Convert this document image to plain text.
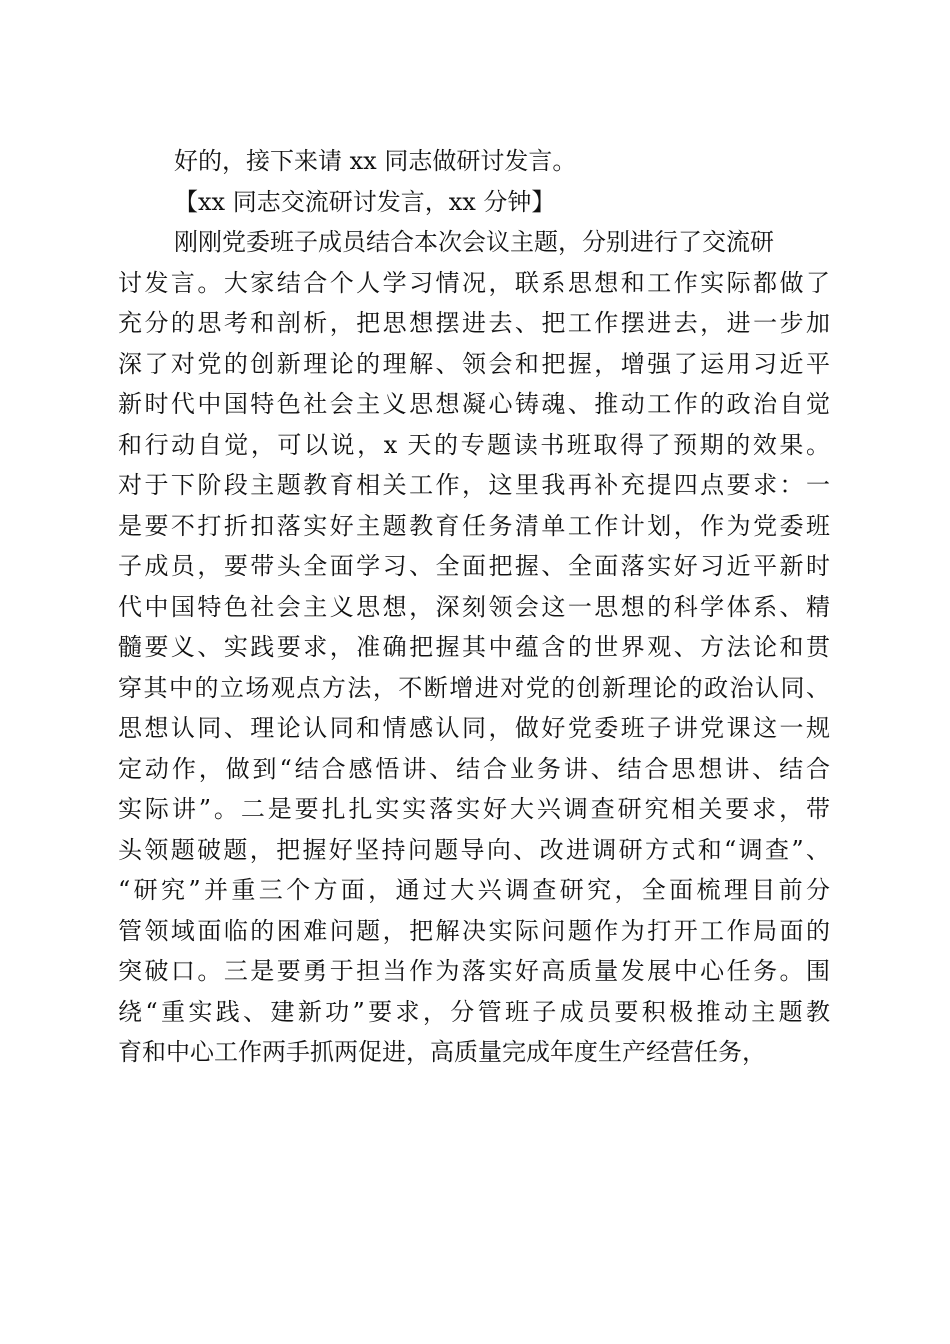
好的，接下来请 xx 同志做研讨发言。
【xx 同志交流研讨发言，xx 分钟】
刚刚党委班子成员结合本次会议主题，分别进行了交流研
讨发言。大家结合个人学习情况，联系思想和工作实际都做了
充分的思考和剖析，把思想摆进去、把工作摆进去，进一步加
深了对党的创新理论的理解、领会和把握，增强了运用习近平
新时代中国特色社会主义思想凝心铸魂、推动工作的政治自觉
和行动自觉，可以说，x 天的专题读书班取得了预期的效果。
对于下阶段主题教育相关工作，这里我再补充提四点要求：一
是要不打折扣落实好主题教育任务清单工作计划，作为党委班
子成员，要带头全面学习、全面把握、全面落实好习近平新时
代中国特色社会主义思想，深刻领会这一思想的科学体系、精
髓要义、实践要求，准确把握其中蕴含的世界观、方法论和贯
穿其中的立场观点方法，不断增进对党的创新理论的政治认同、
思想认同、理论认同和情感认同，做好党委班子讲党课这一规
定动作，做到“结合感悟讲、结合业务讲、结合思想讲、结合
实际讲”。二是要扎扎实实落实好大兴调查研究相关要求，带
头领题破题，把握好坚持问题导向、改进调研方式和“调查”、
“研究”并重三个方面，通过大兴调查研究，全面梳理目前分
管领域面临的困难问题，把解决实际问题作为打开工作局面的
突破口。三是要勇于担当作为落实好高质量发展中心任务。围
绕“重实践、建新功”要求，分管班子成员要积极推动主题教
育和中心工作两手抓两促进，高质量完成年度生产经营任务，
